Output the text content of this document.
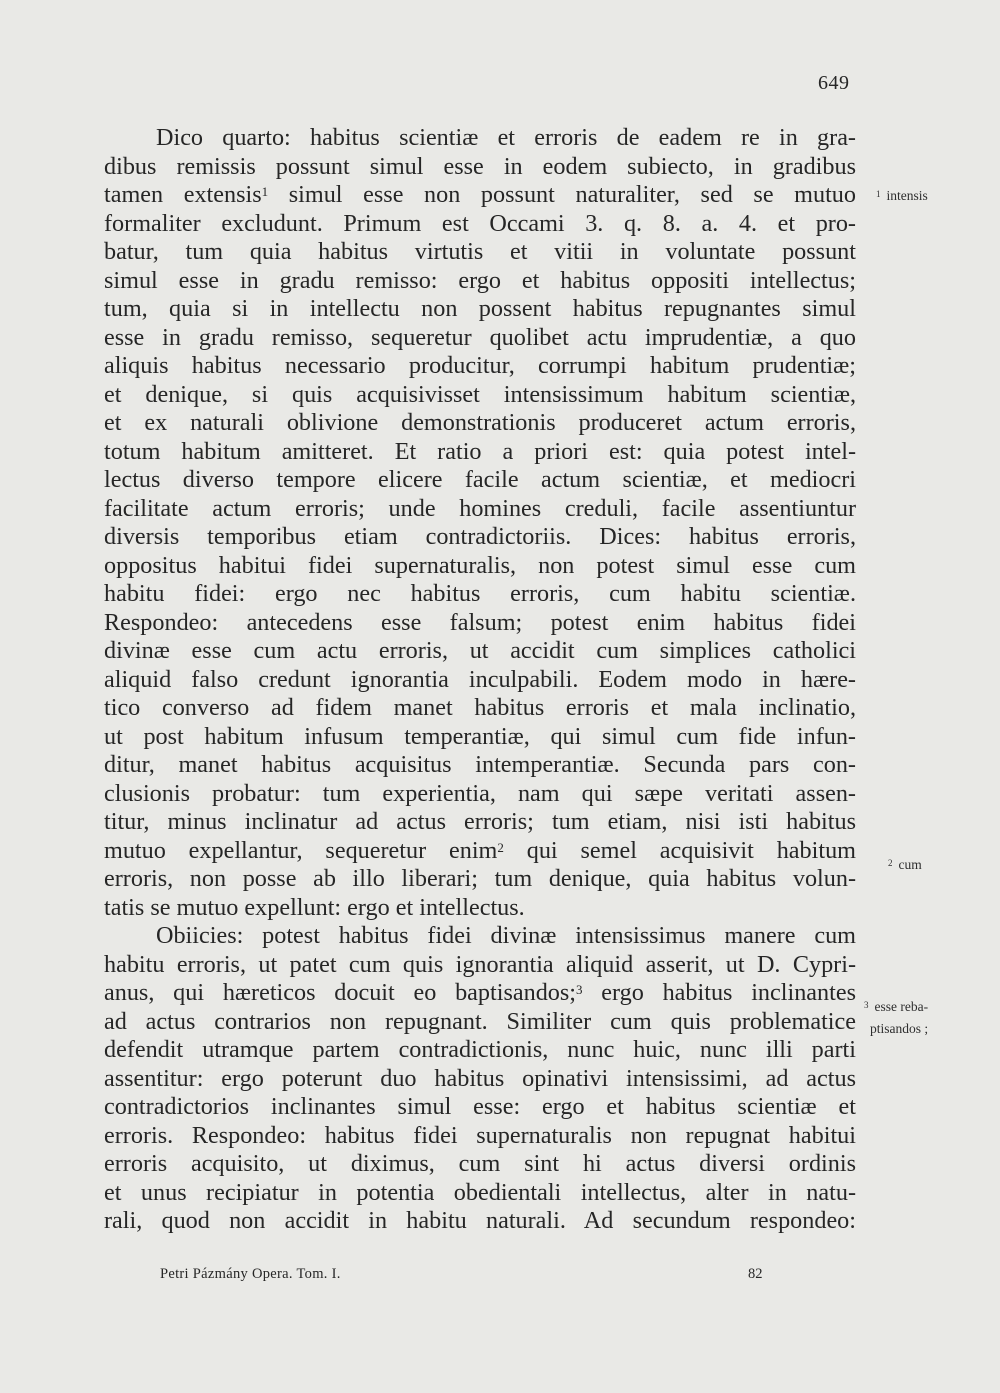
649
Dico quarto: habitus scientiæ et erroris de eadem re in gra-
dibus remissis possunt simul esse in eodem subiecto, in gradibus
tamen extensis$^1$ simul esse non possunt naturaliter, sed se mutuo
formaliter excludunt. Primum est Occami 3. q. 8. a. 4. et pro-
batur, tum quia habitus virtutis et vitii in voluntate possunt
simul esse in gradu remisso: ergo et habitus oppositi intellectus;
tum, quia si in intellectu non possent habitus repugnantes simul
esse in gradu remisso, sequeretur quolibet actu imprudentiæ, a quo
aliquis habitus necessario producitur, corrumpi habitum prudentiæ;
et denique, si quis acquisivisset intensissimum habitum scientiæ,
et ex naturali oblivione demonstrationis produceret actum erroris,
totum habitum amitteret. Et ratio a priori est: quia potest intel-
lectus diverso tempore elicere facile actum scientiæ, et mediocri
facilitate actum erroris; unde homines creduli, facile assentiuntur
diversis temporibus etiam contradictoriis. Dices: habitus erroris,
oppositus habitui fidei supernaturalis, non potest simul esse cum
habitu fidei: ergo nec habitus erroris, cum habitu scientiæ.
Respondeo: antecedens esse falsum; potest enim habitus fidei
divinæ esse cum actu erroris, ut accidit cum simplices catholici
aliquid falso credunt ignorantia inculpabili. Eodem modo in hære-
tico converso ad fidem manet habitus erroris et mala inclinatio,
ut post habitum infusum temperantiæ, qui simul cum fide infun-
ditur, manet habitus acquisitus intemperantiæ. Secunda pars con-
clusionis probatur: tum experientia, nam qui sæpe veritati assen-
titur, minus inclinatur ad actus erroris; tum etiam, nisi isti habitus
mutuo expellantur, sequeretur enim$^2$ qui semel acquisivit habitum
erroris, non posse ab illo liberari; tum denique, quia habitus volun-
tatis se mutuo expellunt: ergo et intellectus.
Obiicies: potest habitus fidei divinæ intensissimus manere cum
habitu erroris, ut patet cum quis ignorantia aliquid asserit, ut D. Cypri-
anus, qui hæreticos docuit eo baptisandos;$^3$ ergo habitus inclinantes
ad actus contrarios non repugnant. Similiter cum quis problematice
defendit utramque partem contradictionis, nunc huic, nunc illi parti
assentitur: ergo poterunt duo habitus opinativi intensissimi, ad actus
contradictorios inclinantes simul esse: ergo et habitus scientiæ et
erroris. Respondeo: habitus fidei supernaturalis non repugnat habitui
erroris acquisito, ut diximus, cum sint hi actus diversi ordinis
et unus recipiatur in potentia obedientali intellectus, alter in natu-
rali, quod non accidit in habitu naturali. Ad secundum respondeo:
$^1$ intensis
$^2$ cum
$^3$ esse reba-
ptisandos ;
Petri Pázmány Opera. Tom. I.	82
